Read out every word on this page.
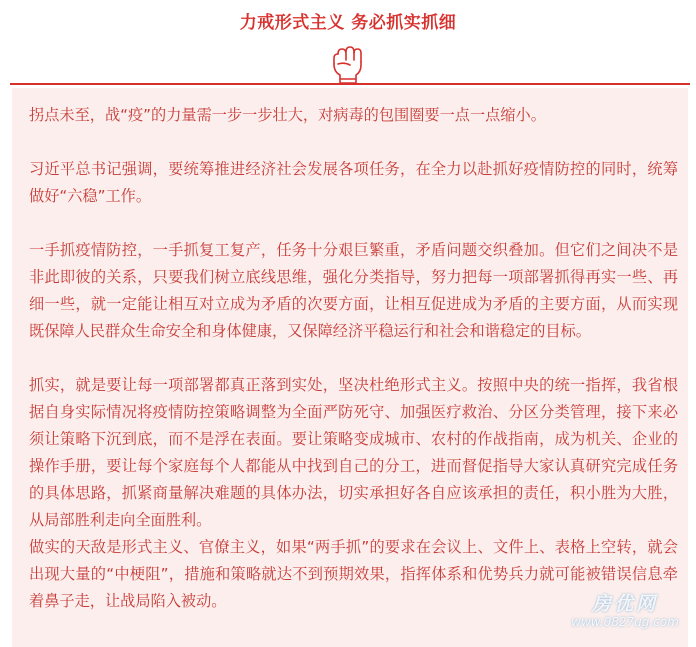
力戒形式主义 务必抓实抓细

拐点未至，战“疫”的力量需一步一步壮大，对病毒的包围圈要一点一点缩小。

习近平总书记强调，要统筹推进经济社会发展各项任务，在全力以赴抓好疫情防控的同时，统筹做好“六稳”工作。

一手抓疫情防控，一手抓复工复产，任务十分艰巨繁重，矛盾问题交织叠加。但它们之间决不是非此即彼的关系，只要我们树立底线思维，强化分类指导，努力把每一项部署抓得再实一些、再细一些，就一定能让相互对立成为矛盾的次要方面，让相互促进成为矛盾的主要方面，从而实现既保障人民群众生命安全和身体健康，又保障经济平稳运行和社会和谐稳定的目标。

抓实，就是要让每一项部署都真正落到实处，坚决杜绝形式主义。按照中央的统一指挥，我省根据自身实际情况将疫情防控策略调整为全面严防死守、加强医疗救治、分区分类管理，接下来必须让策略下沉到底，而不是浮在表面。要让策略变成城市、农村的作战指南，成为机关、企业的操作手册，要让每个家庭每个人都能从中找到自己的分工，进而督促指导大家认真研究完成任务的具体思路，抓紧商量解决难题的具体办法，切实承担好各自应该承担的责任，积小胜为大胜，从局部胜利走向全面胜利。

做实的天敌是形式主义、官僚主义，如果“两手抓”的要求在会议上、文件上、表格上空转，就会出现大量的“中梗阻”，措施和策略就达不到预期效果，指挥体系和优势兵力就可能被错误信息牵着鼻子走，让战局陷入被动。	房优网
www.0827ug.com
